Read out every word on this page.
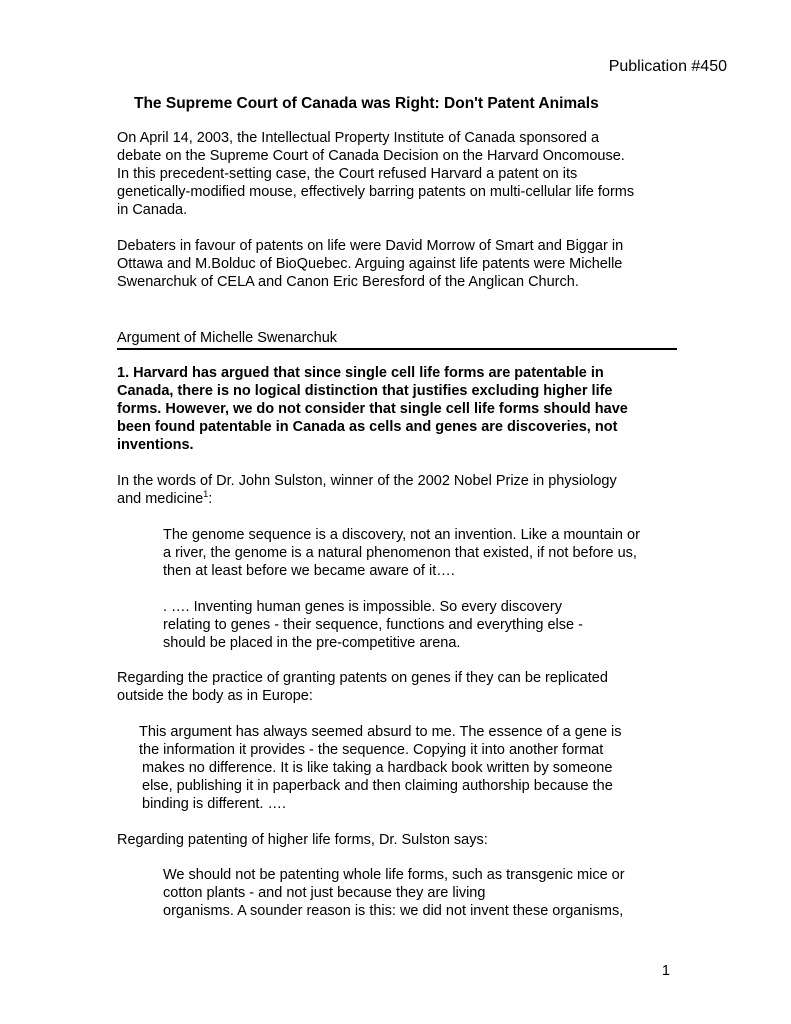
Publication #450
The Supreme Court of Canada was Right: Don't Patent Animals
On April 14, 2003, the Intellectual Property Institute of Canada sponsored a
debate on the Supreme Court of Canada Decision on the Harvard Oncomouse.
In this precedent-setting case, the Court refused Harvard a patent on its
genetically-modified mouse, effectively barring patents on multi-cellular life forms
in Canada.
Debaters in favour of patents on life were David Morrow of Smart and Biggar in
Ottawa and M.Bolduc of BioQuebec. Arguing against life patents were Michelle
Swenarchuk of CELA and Canon Eric Beresford of the Anglican Church.
Argument of Michelle Swenarchuk
1. Harvard has argued that since single cell life forms are patentable in
Canada, there is no logical distinction that justifies excluding higher life
forms. However, we do not consider that single cell life forms should have
been found patentable in Canada as cells and genes are discoveries, not
inventions.
In the words of Dr. John Sulston, winner of the 2002 Nobel Prize in physiology
and medicine$^1$:
The genome sequence is a discovery, not an invention. Like a mountain or
a river, the genome is a natural phenomenon that existed, if not before us,
then at least before we became aware of it….
. …. Inventing human genes is impossible. So every discovery
relating to genes - their sequence, functions and everything else -
should be placed in the pre-competitive arena.
Regarding the practice of granting patents on genes if they can be replicated
outside the body as in Europe:
This argument has always seemed absurd to me. The essence of a gene is
the information it provides - the sequence. Copying it into another format
makes no difference. It is like taking a hardback book written by someone
else, publishing it in paperback and then claiming authorship because the
binding is different. ….
Regarding patenting of higher life forms, Dr. Sulston says:
We should not be patenting whole life forms, such as transgenic mice or
cotton plants - and not just because they are living
organisms. A sounder reason is this: we did not invent these organisms,
1
